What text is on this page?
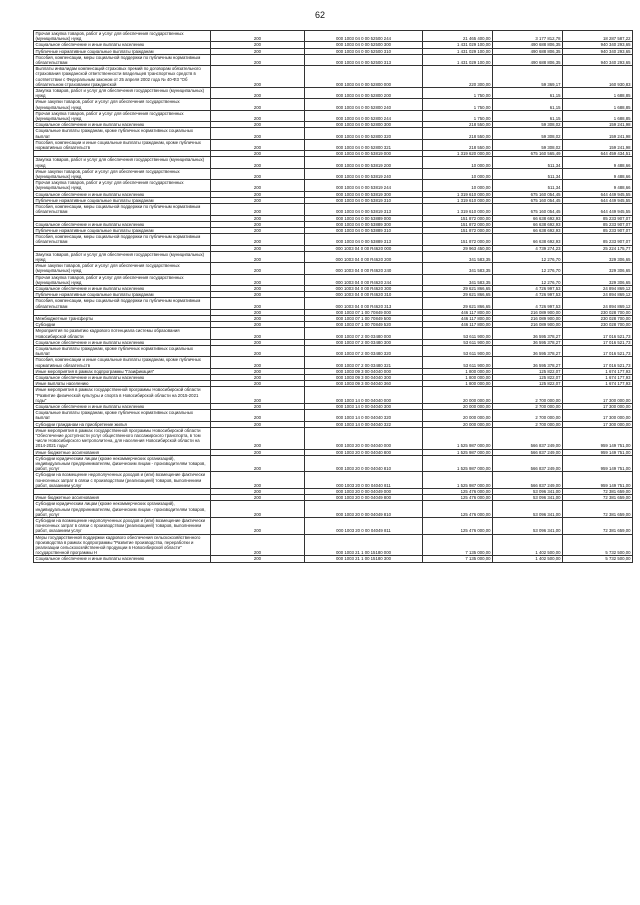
62
Прочая закупка товаров, работ и услуг для обеспечения государственных (муниципальных) нужд	200	000 1003 04 0 00 52500 244	21 465 400,00	3 177 812,78	18 287 587,22
Социальное обеспечение и иные выплаты населению	200	000 1003 04 0 00 52500 300	1 431 029 100,00	490 688 806,35	940 340 293,65
Публичные нормативные социальные выплаты гражданам	200	000 1003 04 0 00 52500 310	1 431 029 100,00	490 688 806,35	940 340 293,65
Пособия, компенсации, меры социальной поддержки по публичным нормативным обязательствам	200	000 1003 04 0 00 52500 313	1 431 029 100,00	490 688 806,35	940 340 293,65
Выплаты инвалидам компенсаций страховых премий по договорам обязательного страхования гражданской ответственности владельцев транспортных средств в соответствии с Федеральным законом от 25 апреля 2002 года № 40-ФЗ "Об обязательном страховании гражданской	200	000 1003 04 0 00 52800 000	220 300,00	59 369,17	160 930,83
Закупка товаров, работ и услуг для обеспечения государственных (муниципальных) нужд	200	000 1003 04 0 00 52800 200	1 750,00	61,15	1 688,85
Иные закупки товаров, работ и услуг для обеспечения государственных (муниципальных) нужд	200	000 1003 04 0 00 52800 240	1 750,00	61,15	1 688,85
Прочая закупка товаров, работ и услуг для обеспечения государственных (муниципальных) нужд	200	000 1003 04 0 00 52800 244	1 750,00	61,15	1 688,85
Социальное обеспечение и иные выплаты населению	200	000 1003 04 0 00 52800 300	218 550,00	59 308,02	159 241,98
Социальные выплаты гражданам, кроме публичных нормативных социальных выплат	200	000 1003 04 0 00 52800 320	218 550,00	59 308,02	159 241,98
Пособия, компенсации и иные социальные выплаты гражданам, кроме публичных нормативных обязательств	200	000 1003 04 0 00 52800 321	218 550,00	59 308,02	159 241,98
	200	000 1003 04 0 00 53819 000	1 319 620 000,00	675 160 565,49	644 459 434,51
Закупка товаров, работ и услуг для обеспечения государственных (муниципальных) нужд	200	000 1003 04 0 00 53819 200	10 000,00	511,34	9 488,66
Иные закупки товаров, работ и услуг для обеспечения государственных (муниципальных) нужд	200	000 1003 04 0 00 53819 240	10 000,00	511,34	9 488,66
Прочая закупка товаров, работ и услуг для обеспечения государственных (муниципальных) нужд	200	000 1003 04 0 00 53819 244	10 000,00	511,34	9 488,66
Социальное обеспечение и иные выплаты населению	200	000 1003 04 0 00 53819 300	1 319 610 000,00	675 160 054,45	644 449 945,55
Публичные нормативные социальные выплаты гражданам	200	000 1003 04 0 00 53819 310	1 319 610 000,00	675 160 054,45	644 449 945,55
Пособия, компенсации, меры социальной поддержки по публичным нормативным обязательствам	200	000 1003 04 0 00 53819 313	1 319 610 000,00	675 160 054,45	644 449 945,55
	200	000 1003 04 0 00 53889 000	151 872 000,00	66 638 692,93	85 233 907,07
Социальное обеспечение и иные выплаты населению	200	000 1003 04 0 00 53889 300	151 872 000,00	66 638 692,93	85 233 907,07
Публичные нормативные социальные выплаты гражданам	200	000 1003 04 0 00 53889 310	151 872 000,00	66 638 692,93	85 233 907,07
Пособия, компенсации, меры социальной поддержки по публичным нормативным обязательствам	200	000 1003 04 0 00 53889 313	151 872 000,00	66 638 692,93	85 233 907,07
	200	000 1003 04 0 00 R4620 000	29 963 450,00	4 739 274,23	25 224 175,77
Закупка товаров, работ и услуг для обеспечения государственных (муниципальных) нужд	200	000 1003 04 0 00 R4620 200	341 583,35	12 276,70	329 306,65
Иные закупки товаров, работ и услуг для обеспечения государственных (муниципальных) нужд	200	000 1003 04 0 00 R4620 240	341 583,35	12 276,70	329 306,65
Прочая закупка товаров, работ и услуг для обеспечения государственных (муниципальных) нужд	200	000 1003 04 0 00 R4620 244	341 583,35	12 276,70	329 306,65
Социальное обеспечение и иные выплаты населению	200	000 1003 04 0 00 R4620 300	29 621 866,65	4 726 997,53	24 894 869,12
Публичные нормативные социальные выплаты гражданам	200	000 1003 04 0 00 R4620 310	29 621 866,65	4 726 997,53	24 894 869,12
Пособия, компенсации, меры социальной поддержки по публичным нормативным обязательствам	200	000 1003 04 0 00 R4620 313	29 621 866,65	4 726 997,53	24 894 869,12
	200	000 1003 07 1 00 70849 000	446 117 800,00	216 089 900,00	230 028 700,00
Межбюджетные трансферты	200	000 1003 07 1 00 70849 500	446 117 800,00	216 089 900,00	230 028 700,00
Субсидии	200	000 1003 07 1 00 70849 520	446 117 800,00	216 089 900,00	230 028 700,00
Мероприятия по развитию кадрового потенциала системы образования Новосибирской области	200	000 1003 07 2 00 03480 000	53 611 900,00	36 595 378,27	17 016 521,73
Социальное обеспечение и иные выплаты населению	200	000 1003 07 2 00 03480 300	53 611 900,00	36 595 378,27	17 016 521,73
Социальные выплаты гражданам, кроме публичных нормативных социальных выплат	200	000 1003 07 2 00 03480 320	53 611 900,00	36 595 378,27	17 016 521,73
Пособия, компенсации и иные социальные выплаты гражданам, кроме публичных нормативных обязательств	200	000 1003 07 2 00 03480 321	53 611 900,00	36 595 378,27	17 016 521,73
Иные мероприятия в рамках подпрограммы "Газификация"	200	000 1003 09 3 00 04040 000	1 800 000,00	125 822,07	1 674 177,93
Социальное обеспечение и иные выплаты населению	200	000 1003 09 3 00 04040 300	1 800 000,00	125 822,07	1 674 177,93
Иные выплаты населению	200	000 1003 09 3 00 04040 360	1 800 000,00	125 822,07	1 674 177,93
Иные мероприятия в рамках государственной программы Новосибирской области "Развитие физической культуры и спорта в Новосибирской области на 2015-2021 годы"	200	000 1003 14 0 00 04040 000	20 000 000,00	2 700 000,00	17 300 000,00
Социальное обеспечение и иные выплаты населению	200	000 1003 14 0 00 04040 300	20 000 000,00	2 700 000,00	17 300 000,00
Социальные выплаты гражданам, кроме публичных нормативных социальных выплат	200	000 1003 14 0 00 04040 320	20 000 000,00	2 700 000,00	17 300 000,00
Субсидии гражданам на приобретение жилья	200	000 1003 14 0 00 04040 322	20 000 000,00	2 700 000,00	17 300 000,00
Иные мероприятия в рамках государственной программы Новосибирской области "Обеспечение доступности услуг общественного пассажирского транспорта, в том числе Новосибирского метрополитена, для населения Новосибирской области на 2014-2021 годы"	200	000 1003 20 0 00 04040 000	1 525 987 000,00	566 837 249,00	959 149 751,00
Иные бюджетные ассигнования	200	000 1003 20 0 00 04040 800	1 525 987 000,00	566 837 249,00	959 149 751,00
Субсидии юридическим лицам (кроме некоммерческих организаций), индивидуальным предпринимателям, физическим лицам - производителям товаров, работ, услуг	200	000 1003 20 0 00 04040 810	1 525 987 000,00	566 837 249,00	959 149 751,00
Субсидии на возмещение недополученных доходов и (или) возмещение фактически понесенных затрат в связи с производством (реализацией) товаров, выполнением работ, оказанием услуг	200	000 1003 20 0 00 04040 811	1 525 987 000,00	566 837 249,00	959 149 751,00
	200	000 1003 20 0 00 04049 000	125 476 000,00	53 096 341,00	72 381 659,00
Иные бюджетные ассигнования	200	000 1003 20 0 00 04049 800	125 476 000,00	53 096 341,00	72 381 659,00
Субсидии юридическим лицам (кроме некоммерческих организаций), индивидуальным предпринимателям, физическим лицам - производителям товаров, работ, услуг	200	000 1003 20 0 00 04049 810	125 476 000,00	53 096 341,00	72 381 659,00
Субсидии на возмещение недополученных доходов и (или) возмещение фактически понесенных затрат в связи с производством (реализацией) товаров, выполнением работ, оказанием услуг	200	000 1003 20 0 00 04049 811	125 476 000,00	53 096 341,00	72 381 659,00
Меры государственной поддержки кадрового обеспечения сельскохозяйственного производства в рамках подпрограммы "Развитие производства, переработки и реализации сельскохозяйственной продукции в Новосибирской области" государственной программы Н	200	000 1003 21 1 00 15180 000	7 135 000,00	1 402 500,00	5 732 500,00
Социальное обеспечение и иные выплаты населению	200	000 1003 21 1 00 15180 300	7 135 000,00	1 402 500,00	5 732 500,00
